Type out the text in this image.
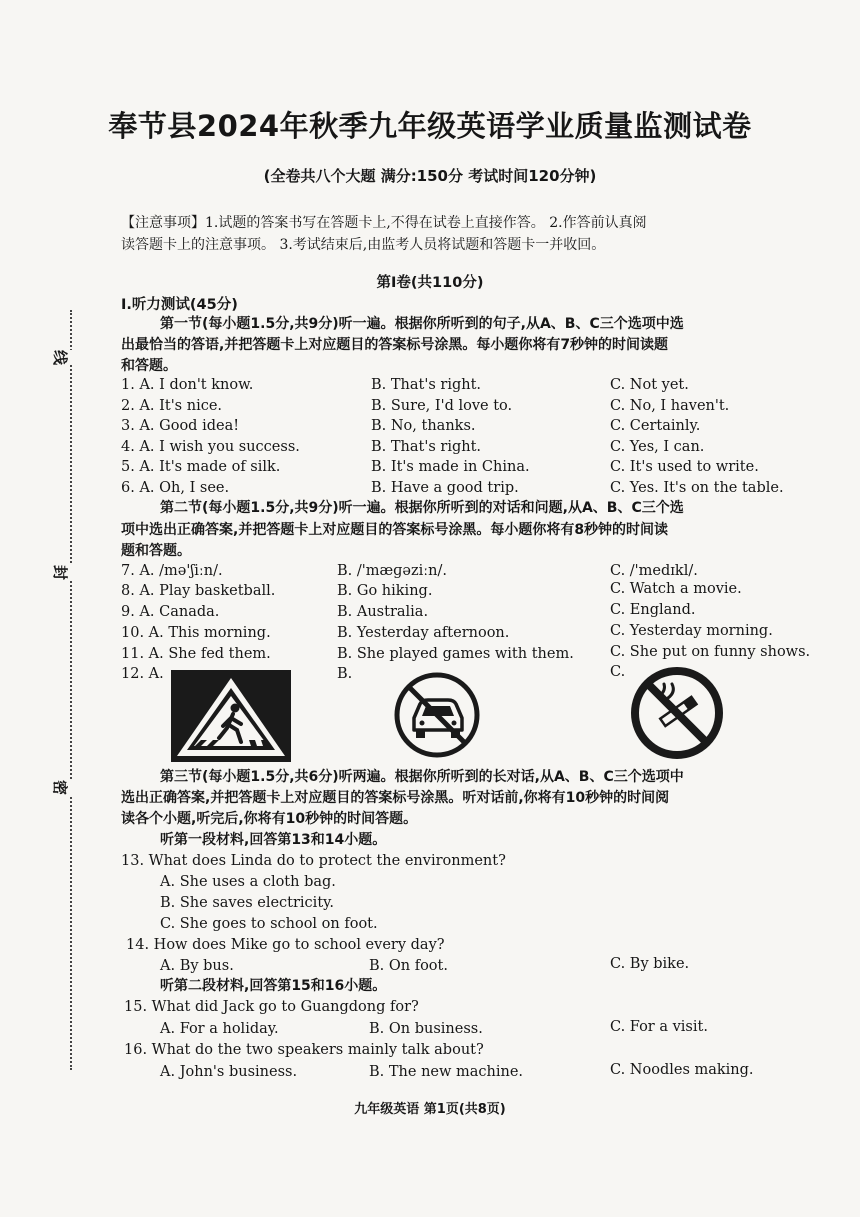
线
封
密
奉节县2024年秋季九年级英语学业质量监测试卷
(全卷共八个大题 满分:150分 考试时间120分钟)
【注意事项】1.试题的答案书写在答题卡上,不得在试卷上直接作答。 2.作答前认真阅
读答题卡上的注意事项。 3.考试结束后,由监考人员将试题和答题卡一并收回。
第Ⅰ卷(共110分)
Ⅰ.听力测试(45分)
第一节(每小题1.5分,共9分)听一遍。根据你所听到的句子,从A、B、C三个选项中选
出最恰当的答语,并把答题卡上对应题目的答案标号涂黑。每小题你将有7秒钟的时间读题
和答题。
1. A. I don't know.	B. That's right.	C. Not yet.
2. A. It's nice.	B. Sure, I'd love to.	C. No, I haven't.
3. A. Good idea!	B. No, thanks.	C. Certainly.
4. A. I wish you success.	B. That's right.	C. Yes, I can.
5. A. It's made of silk.	B. It's made in China.	C. It's used to write.
6. A. Oh, I see.	B. Have a good trip.	C. Yes. It's on the table.
第二节(每小题1.5分,共9分)听一遍。根据你所听到的对话和问题,从A、B、C三个选
项中选出正确答案,并把答题卡上对应题目的答案标号涂黑。每小题你将有8秒钟的时间读
题和答题。
7. A. /mə'ʃiːn/.	B. /'mæɡəziːn/.	C. /'medɪkl/.
8. A. Play basketball.	B. Go hiking.	C. Watch a movie.
9. A. Canada.	B. Australia.	C. England.
10. A. This morning.	B. Yesterday afternoon.	C. Yesterday morning.
11. A. She fed them.	B. She played games with them. C. She put on funny shows.
12. A.	B.	C.
第三节(每小题1.5分,共6分)听两遍。根据你所听到的长对话,从A、B、C三个选项中
选出正确答案,并把答题卡上对应题目的答案标号涂黑。听对话前,你将有10秒钟的时间阅
读各个小题,听完后,你将有10秒钟的时间答题。
听第一段材料,回答第13和14小题。
13. What does Linda do to protect the environment?
A. She uses a cloth bag.
B. She saves electricity.
C. She goes to school on foot.
14. How does Mike go to school every day?
A. By bus.	B. On foot.	C. By bike.
听第二段材料,回答第15和16小题。
15. What did Jack go to Guangdong for?
A. For a holiday.	B. On business.	C. For a visit.
16. What do the two speakers mainly talk about?
A. John's business.	B. The new machine.	C. Noodles making.
九年级英语 第1页(共8页)
